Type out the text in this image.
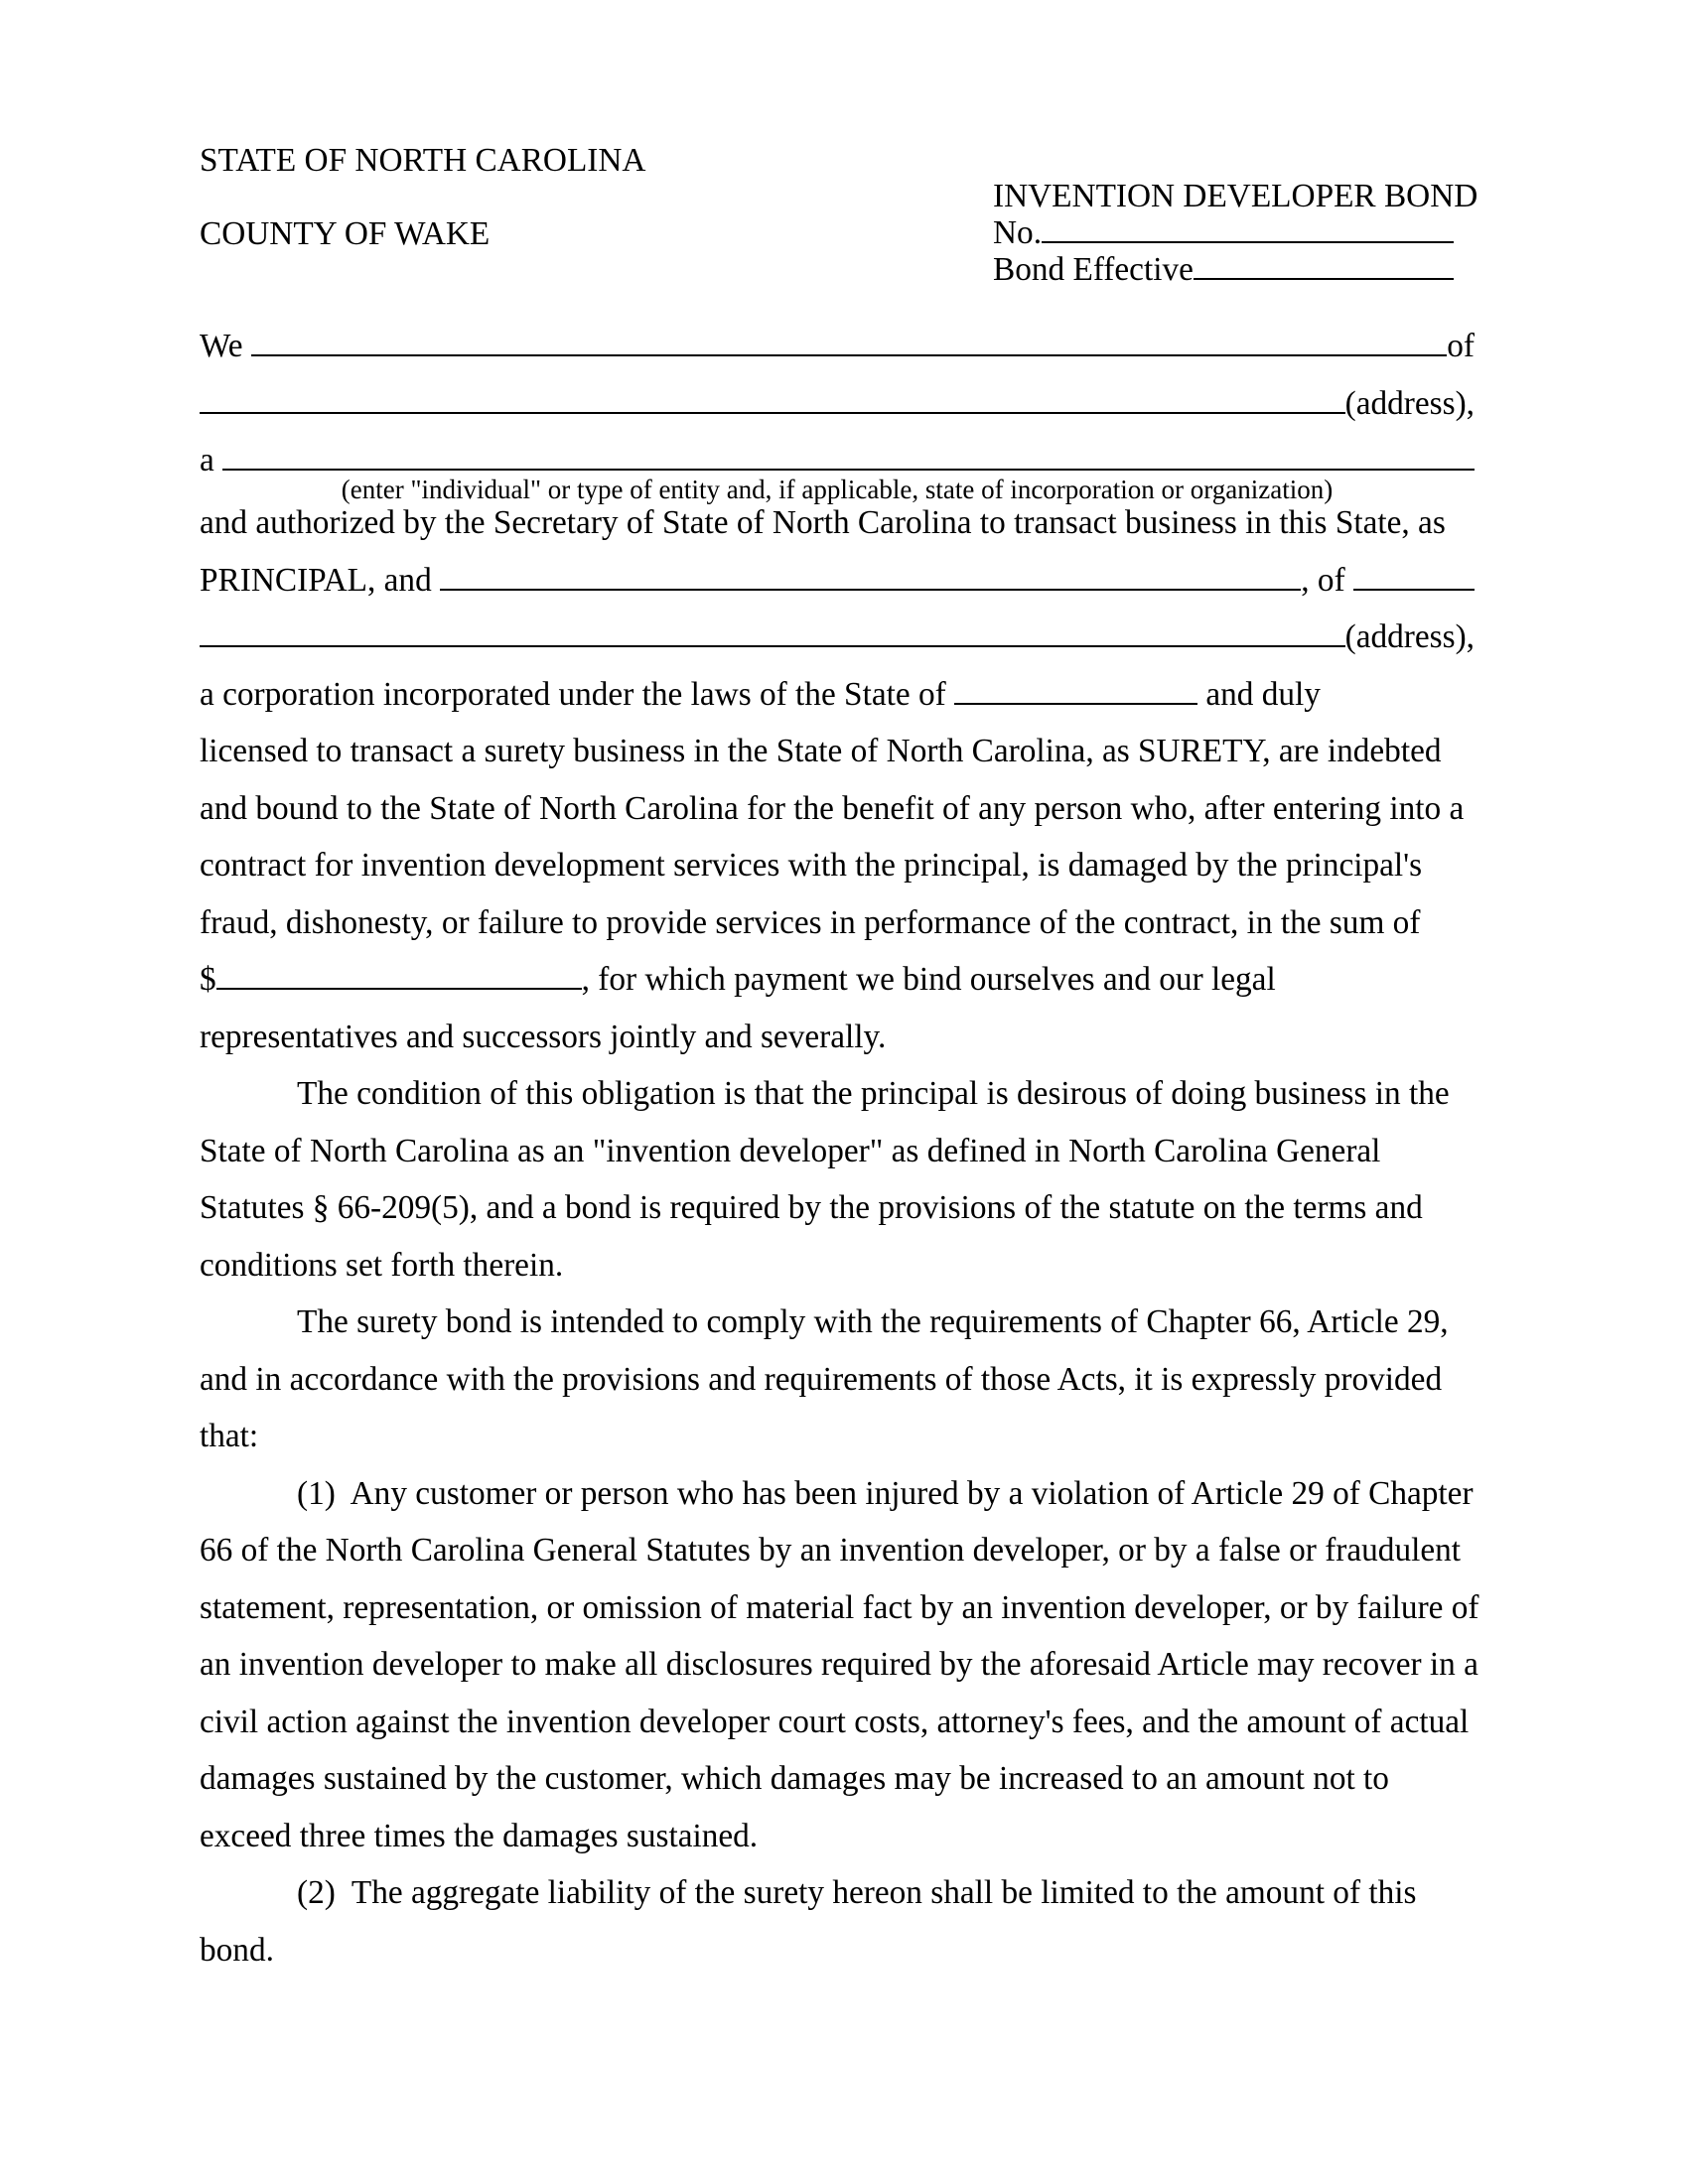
STATE OF NORTH CAROLINA
COUNTY OF WAKE
INVENTION DEVELOPER BOND
No.
Bond Effective
We	of
(address),
a
(enter "individual" or type of entity and, if applicable, state of incorporation or organization)
and authorized by the Secretary of State of North Carolina to transact business in this State, as
PRINCIPAL, and	, of
(address),
a corporation incorporated under the laws of the State of	and duly
licensed to transact a surety business in the State of North Carolina, as SURETY, are indebted
and bound to the State of North Carolina for the benefit of any person who, after entering into a
contract for invention development services with the principal, is damaged by the principal's
fraud, dishonesty, or failure to provide services in performance of the contract, in the sum of
$	, for which payment we bind ourselves and our legal
representatives and successors jointly and severally.
The condition of this obligation is that the principal is desirous of doing business in the
State of North Carolina as an "invention developer" as defined in North Carolina General
Statutes § 66-209(5), and a bond is required by the provisions of the statute on the terms and
conditions set forth therein.
The surety bond is intended to comply with the requirements of Chapter 66, Article 29,
and in accordance with the provisions and requirements of those Acts, it is expressly provided
that:
(1)  Any customer or person who has been injured by a violation of Article 29 of Chapter
66 of the North Carolina General Statutes by an invention developer, or by a false or fraudulent
statement, representation, or omission of material fact by an invention developer, or by failure of
an invention developer to make all disclosures required by the aforesaid Article may recover in a
civil action against the invention developer court costs, attorney's fees, and the amount of actual
damages sustained by the customer, which damages may be increased to an amount not to
exceed three times the damages sustained.
(2)  The aggregate liability of the surety hereon shall be limited to the amount of this
bond.
